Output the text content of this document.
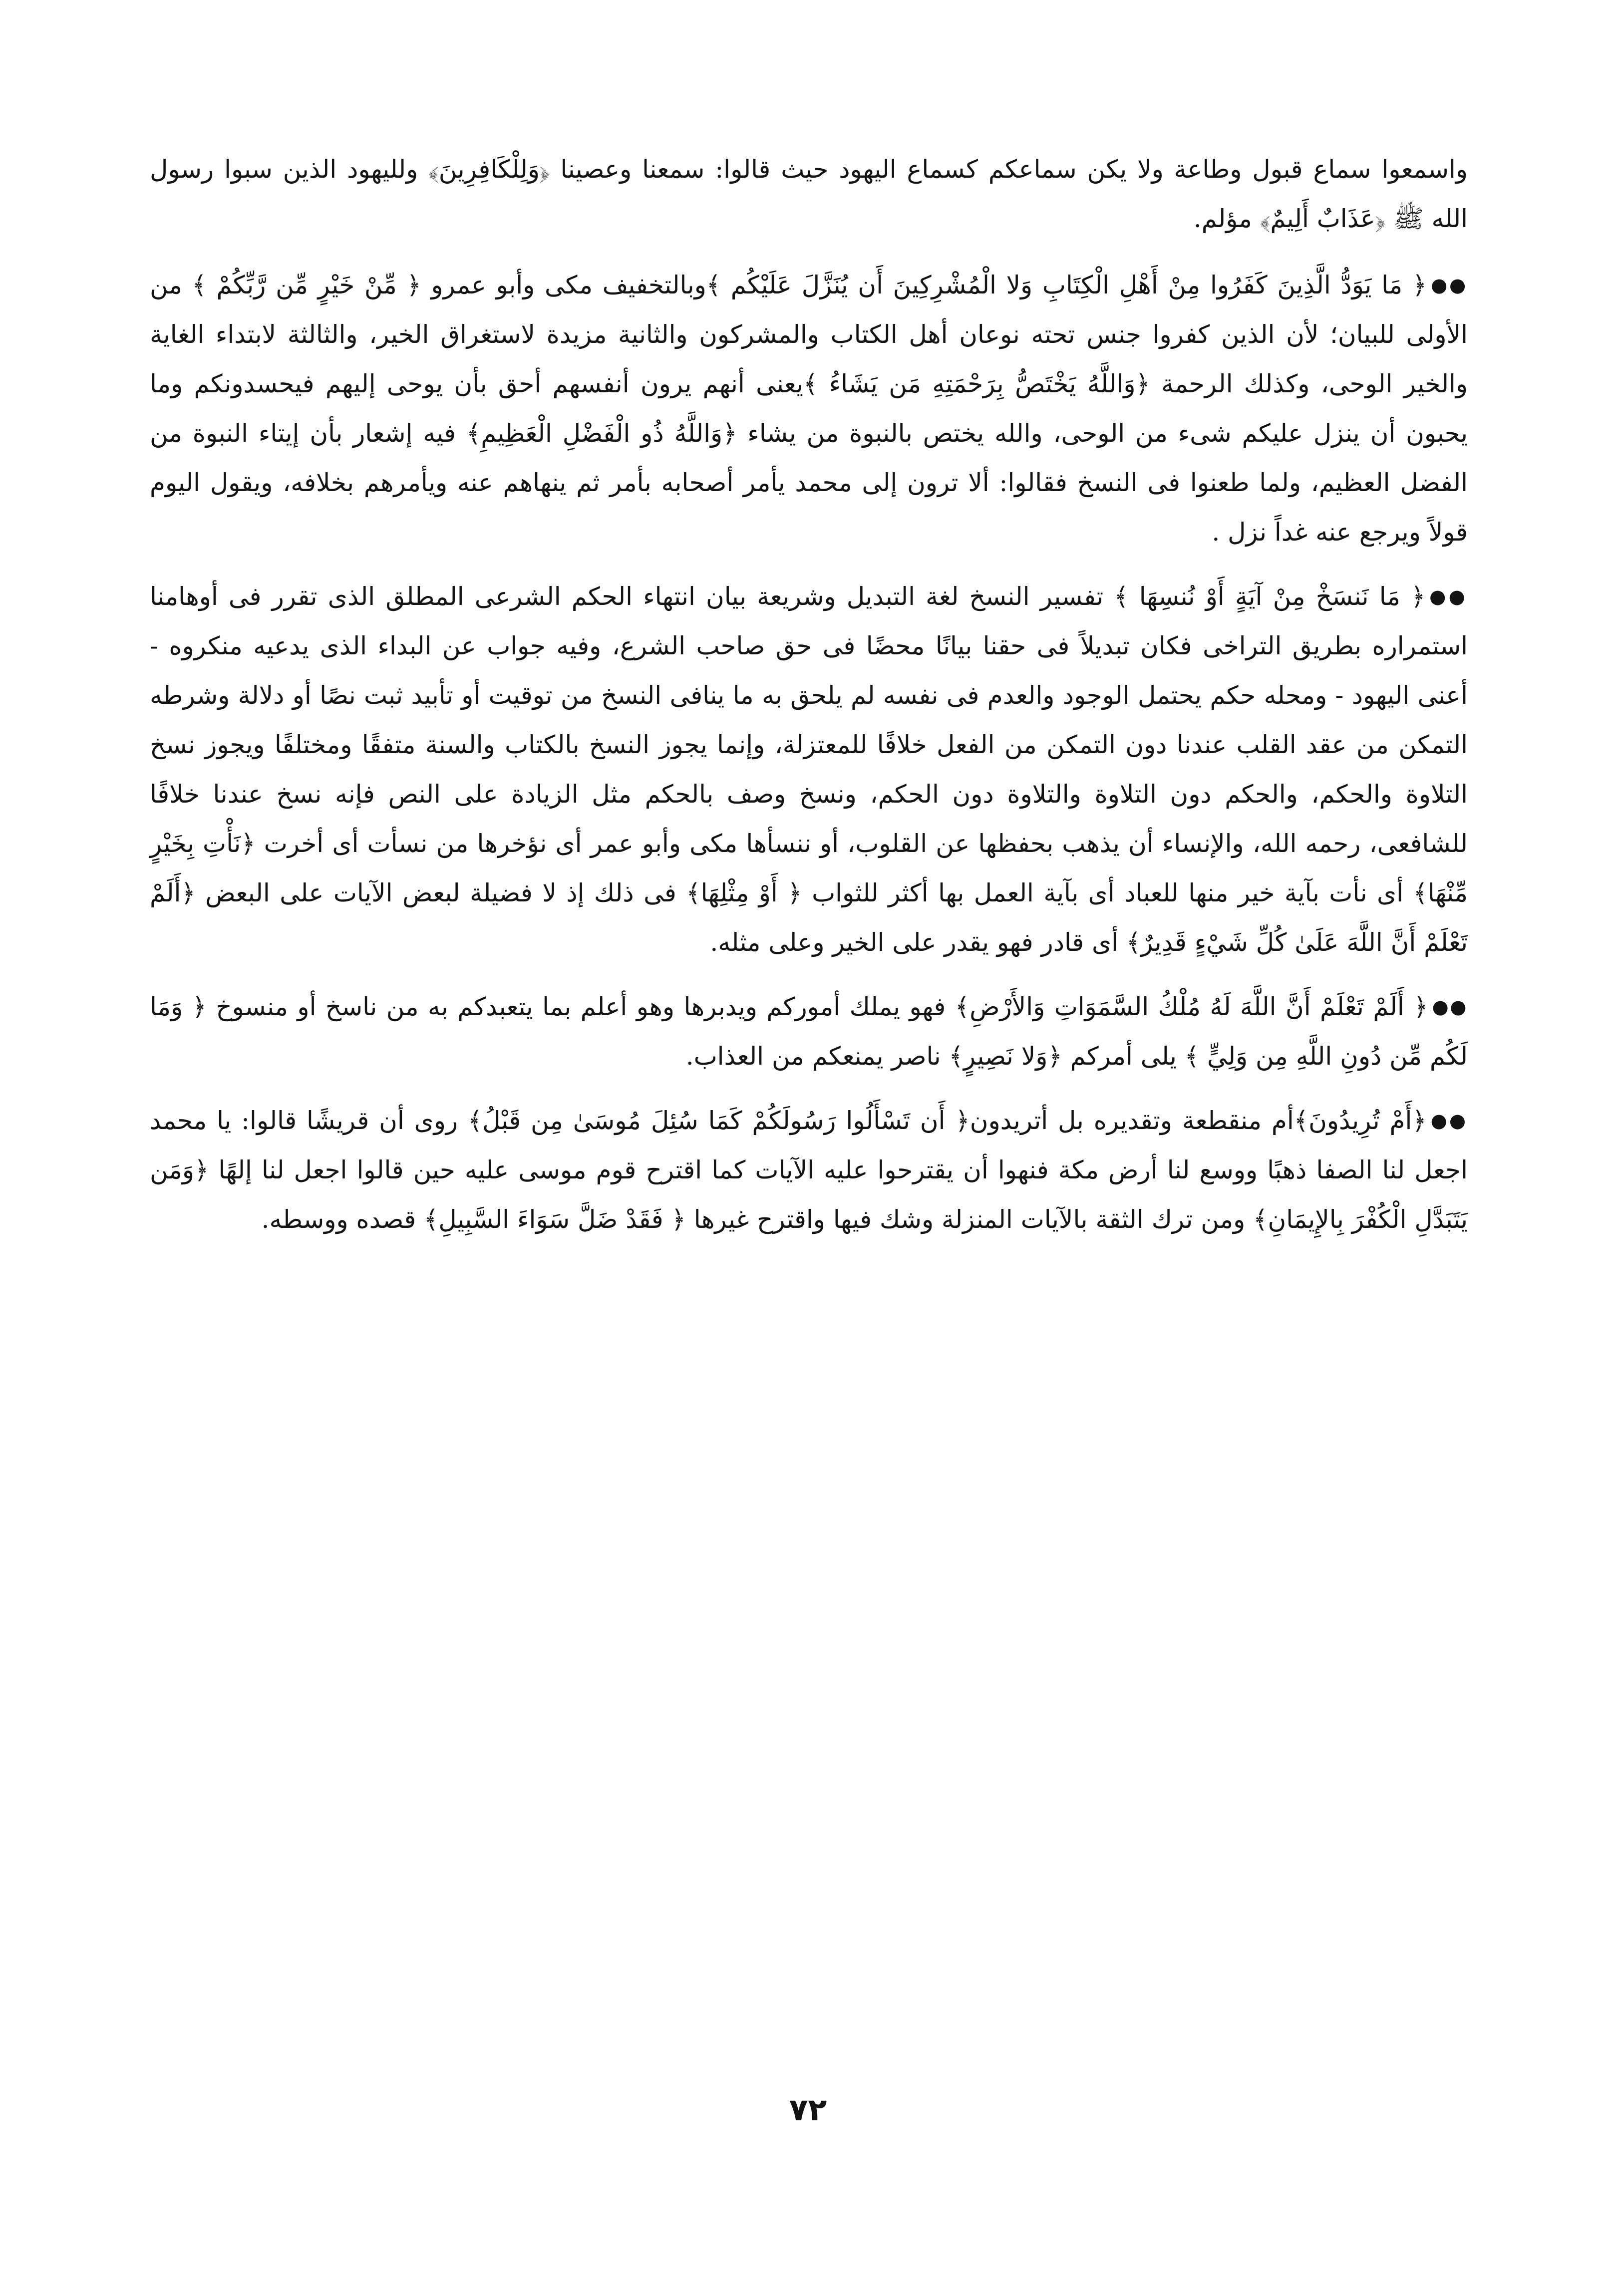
واسمعوا سماع قبول وطاعة ولا يكن سماعكم كسماع اليهود حيث قالوا: سمعنا وعصينا ﴿وَلِلْكَافِرِينَ﴾ ولليهود الذين سبوا رسول الله ﷺ ﴿عَذَابٌ أَلِيمٌ﴾ مؤلم.

●●﴿ مَا يَوَدُّ الَّذِينَ كَفَرُوا مِنْ أَهْلِ الْكِتَابِ وَلا الْمُشْرِكِينَ أَن يُنَزَّلَ عَلَيْكُم ﴾وبالتخفيف مكى وأبو عمرو ﴿ مِّنْ خَيْرٍ مِّن رَّبِّكُمْ ﴾ من الأولى للبيان؛ لأن الذين كفروا جنس تحته نوعان أهل الكتاب والمشركون والثانية مزيدة لاستغراق الخير، والثالثة لابتداء الغاية والخير الوحى، وكذلك الرحمة ﴿وَاللَّهُ يَخْتَصُّ بِرَحْمَتِهِ مَن يَشَاءُ ﴾يعنى أنهم يرون أنفسهم أحق بأن يوحى إليهم فيحسدونكم وما يحبون أن ينزل عليكم شىء من الوحى، والله يختص بالنبوة من يشاء ﴿وَاللَّهُ ذُو الْفَضْلِ الْعَظِيمِ﴾ فيه إشعار بأن إيتاء النبوة من الفضل العظيم، ولما طعنوا فى النسخ فقالوا: ألا ترون إلى محمد يأمر أصحابه بأمر ثم ينهاهم عنه ويأمرهم بخلافه، ويقول اليوم قولاً ويرجع عنه غداً نزل .

●●﴿ مَا نَنسَخْ مِنْ آيَةٍ أَوْ نُنسِهَا ﴾ تفسير النسخ لغة التبديل وشريعة بيان انتهاء الحكم الشرعى المطلق الذى تقرر فى أوهامنا استمراره بطريق التراخى فكان تبديلاً فى حقنا بيانًا محضًا فى حق صاحب الشرع، وفيه جواب عن البداء الذى يدعيه منكروه - أعنى اليهود - ومحله حكم يحتمل الوجود والعدم فى نفسه لم يلحق به ما ينافى النسخ من توقيت أو تأبيد ثبت نصًا أو دلالة وشرطه التمكن من عقد القلب عندنا دون التمكن من الفعل خلافًا للمعتزلة، وإنما يجوز النسخ بالكتاب والسنة متفقًا ومختلفًا ويجوز نسخ التلاوة والحكم، والحكم دون التلاوة والتلاوة دون الحكم، ونسخ وصف بالحكم مثل الزيادة على النص فإنه نسخ عندنا خلافًا للشافعى، رحمه الله، والإنساء أن يذهب بحفظها عن القلوب، أو ننسأها مكى وأبو عمر أى نؤخرها من نسأت أى أخرت ﴿نَأْتِ بِخَيْرٍ مِّنْهَا﴾ أى نأت بآية خير منها للعباد أى بآية العمل بها أكثر للثواب ﴿ أَوْ مِثْلِهَا﴾ فى ذلك إذ لا فضيلة لبعض الآيات على البعض ﴿أَلَمْ تَعْلَمْ أَنَّ اللَّهَ عَلَىٰ كُلِّ شَيْءٍ قَدِيرٌ﴾ أى قادر فهو يقدر على الخير وعلى مثله.

●●﴿ أَلَمْ تَعْلَمْ أَنَّ اللَّهَ لَهُ مُلْكُ السَّمَوَاتِ وَالأَرْضِ﴾ فهو يملك أموركم ويدبرها وهو أعلم بما يتعبدكم به من ناسخ أو منسوخ ﴿ وَمَا لَكُم مِّن دُونِ اللَّهِ مِن وَلِيٍّ ﴾ يلى أمركم ﴿وَلا نَصِيرٍ﴾ ناصر يمنعكم من العذاب.

●●﴿أَمْ تُرِيدُونَ﴾أم منقطعة وتقديره بل أتريدون﴿ أَن تَسْأَلُوا رَسُولَكُمْ كَمَا سُئِلَ مُوسَىٰ مِن قَبْلُ﴾ روى أن قريشًا قالوا: يا محمد اجعل لنا الصفا ذهبًا ووسع لنا أرض مكة فنهوا أن يقترحوا عليه الآيات كما اقترح قوم موسى عليه حين قالوا اجعل لنا إلهًا ﴿وَمَن يَتَبَدَّلِ الْكُفْرَ بِالإِيمَانِ﴾ ومن ترك الثقة بالآيات المنزلة وشك فيها واقترح غيرها ﴿ فَقَدْ ضَلَّ سَوَاءَ السَّبِيلِ﴾ قصده ووسطه.

٧٢
